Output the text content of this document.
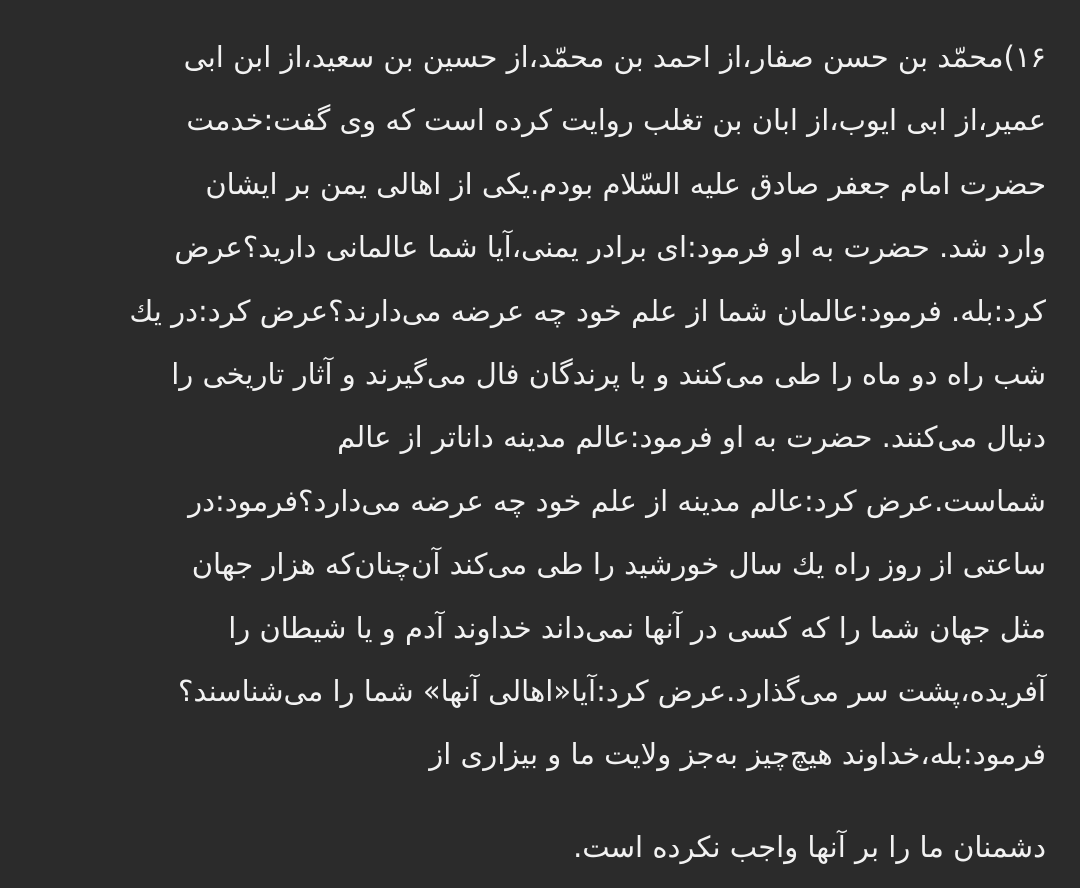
۱۶)محمّد بن حسن صفار،از احمد بن محمّد،از حسين بن سعيد،از ابن ابى
عمير،از ابى ايوب،از ابان بن تغلب روايت كرده است كه وى گفت:خدمت
حضرت امام جعفر صادق عليه السّلام بودم.يكى از اهالى يمن بر ايشان
وارد شد. حضرت به او فرمود:اى برادر يمنى،آيا شما عالمانى داريد؟عرض
كرد:بله. فرمود:عالمان شما از علم خود چه عرضه مى‌دارند؟عرض كرد:در يك
شب راه دو ماه را طى مى‌كنند و با پرندگان فال مى‌گيرند و آثار تاريخى را
دنبال مى‌كنند. حضرت به او فرمود:عالم مدينه داناتر از عالم
شماست.عرض كرد:عالم مدينه از علم خود چه عرضه مى‌دارد؟فرمود:در
ساعتى از روز راه يك سال خورشيد را طى مى‌كند آن‌چنان‌كه هزار جهان
مثل جهان شما را كه كسى در آنها نمى‌داند خداوند آدم و يا شيطان را
آفريده،پشت سر مى‌گذارد.عرض كرد:آيا«اهالى آنها» شما را مى‌شناسند؟
فرمود:بله،خداوند هيچ‌چيز به‌جز ولايت ما و بيزارى از

دشمنان ما را بر آنها واجب نكرده است.
